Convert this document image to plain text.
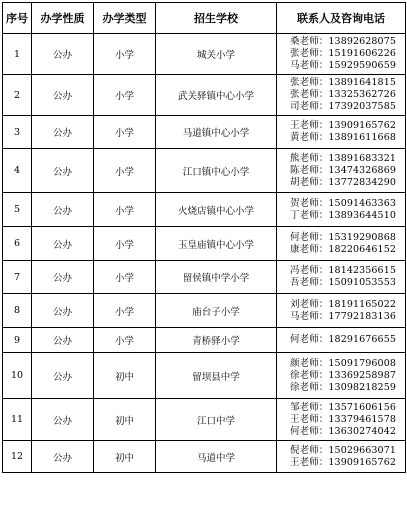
序号	办学性质	办学类型	招生学校	联系人及咨询电话
1	公办	小学	城关小学	桑老师：13892628075
张老师：15191606226
马老师：15929590659

2	公办	小学	武关驿镇中心小学	张老师：13891641815
张老师：13325362726
司老师：17392037585

3	公办	小学	马道镇中心小学	王老师：13909165762
黄老师：13891611668

4	公办	小学	江口镇中心小学	熊老师：13891683321
陈老师：13474326869
胡老师：13772834290

5	公办	小学	火烧店镇中心小学	贺老师：15091463363
丁老师：13893644510

6	公办	小学	玉皇庙镇中心小学	何老师：15319290868
康老师：18220646152

7	公办	小学	留侯镇中学小学	冯老师：18142356615
吾老师：15091053553

8	公办	小学	庙台子小学	刘老师：18191165022
马老师：17792183136

9	公办	小学	青桥驿小学	何老师：18291676655

10	公办	初中	留坝县中学	颜老师：15091796008
徐老师：13369258987
徐老师：13098218259

11	公办	初中	江口中学	邹老师：13571606156
王老师：13379461578
何老师：13630274042

12	公办	初中	马道中学	倪老师：15029663071
王老师：13909165762
